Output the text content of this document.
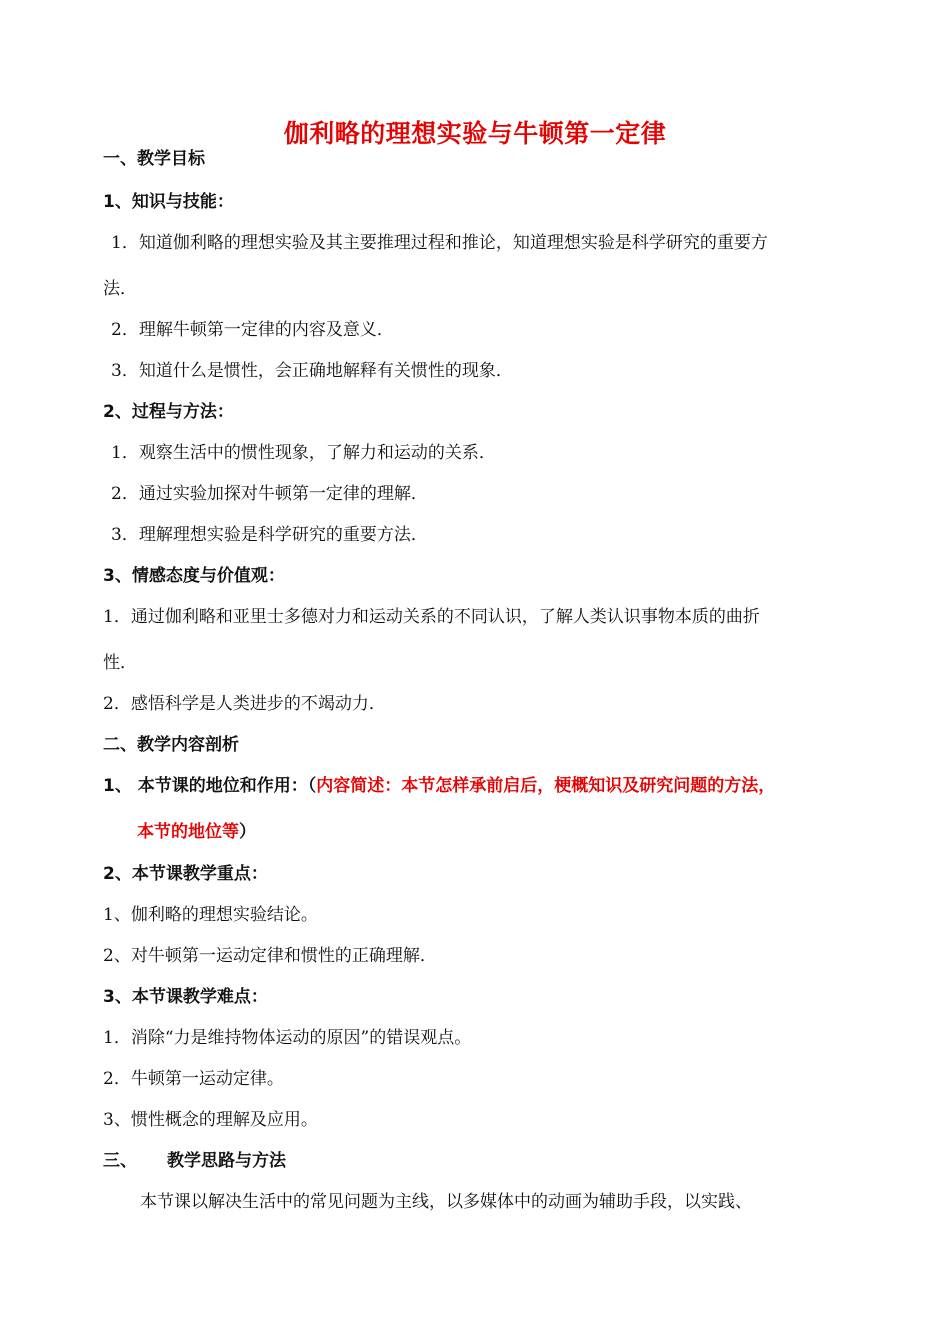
伽利略的理想实验与牛顿第一定律
一、教学目标
1、知识与技能：
1．知道伽利略的理想实验及其主要推理过程和推论，知道理想实验是科学研究的重要方
法．
2．理解牛顿第一定律的内容及意义．
3．知道什么是惯性，会正确地解释有关惯性的现象．
2、过程与方法：
1．观察生活中的惯性现象，了解力和运动的关系．
2．通过实验加探对牛顿第一定律的理解．
3．理解理想实验是科学研究的重要方法．
3、情感态度与价值观：
1．通过伽利略和亚里士多德对力和运动关系的不同认识，了解人类认识事物本质的曲折
性．
2．感悟科学是人类进步的不竭动力．
二、教学内容剖析
1、 本节课的地位和作用：（内容简述：本节怎样承前启后，梗概知识及研究问题的方法，
本节的地位等）
2、本节课教学重点：
1、伽利略的理想实验结论。
2、对牛顿第一运动定律和惯性的正确理解．
3、本节课教学难点：
1．消除“力是维持物体运动的原因”的错误观点。
2．牛顿第一运动定律。
3、惯性概念的理解及应用。
三、 教学思路与方法
本节课以解决生活中的常见问题为主线，以多媒体中的动画为辅助手段，以实践、
